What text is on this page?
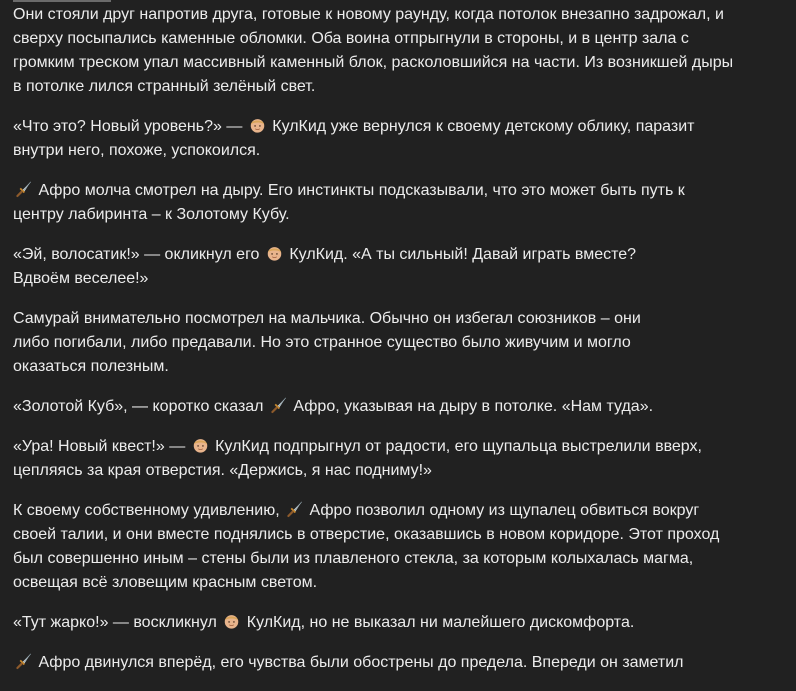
Они стояли друг напротив друга, готовые к новому раунду, когда потолок внезапно задрожал, и
сверху посыпались каменные обломки. Оба воина отпрыгнули в стороны, и в центр зала с
громким треском упал массивный каменный блок, расколовшийся на части. Из возникшей дыры
в потолке лился странный зелёный свет.

«Что это? Новый уровень?» —  КулКид уже вернулся к своему детскому облику, паразит
внутри него, похоже, успокоился.

Афро молча смотрел на дыру. Его инстинкты подсказывали, что это может быть путь к
центру лабиринта – к Золотому Кубу.

«Эй, волосатик!» — окликнул его  КулКид. «А ты сильный! Давай играть вместе?
Вдвоём веселее!»

Самурай внимательно посмотрел на мальчика. Обычно он избегал союзников – они
либо погибали, либо предавали. Но это странное существо было живучим и могло
оказаться полезным.

«Золотой Куб», — коротко сказал  Афро, указывая на дыру в потолке. «Нам туда».

«Ура! Новый квест!» —  КулКид подпрыгнул от радости, его щупальца выстрелили вверх,
цепляясь за края отверстия. «Держись, я нас подниму!»

К своему собственному удивлению,  Афро позволил одному из щупалец обвиться вокруг
своей талии, и они вместе поднялись в отверстие, оказавшись в новом коридоре. Этот проход
был совершенно иным – стены были из плавленого стекла, за которым колыхалась магма,
освещая всё зловещим красным светом.

«Тут жарко!» — воскликнул  КулКид, но не выказал ни малейшего дискомфорта.

Афро двинулся вперёд, его чувства были обострены до предела. Впереди он заметил
